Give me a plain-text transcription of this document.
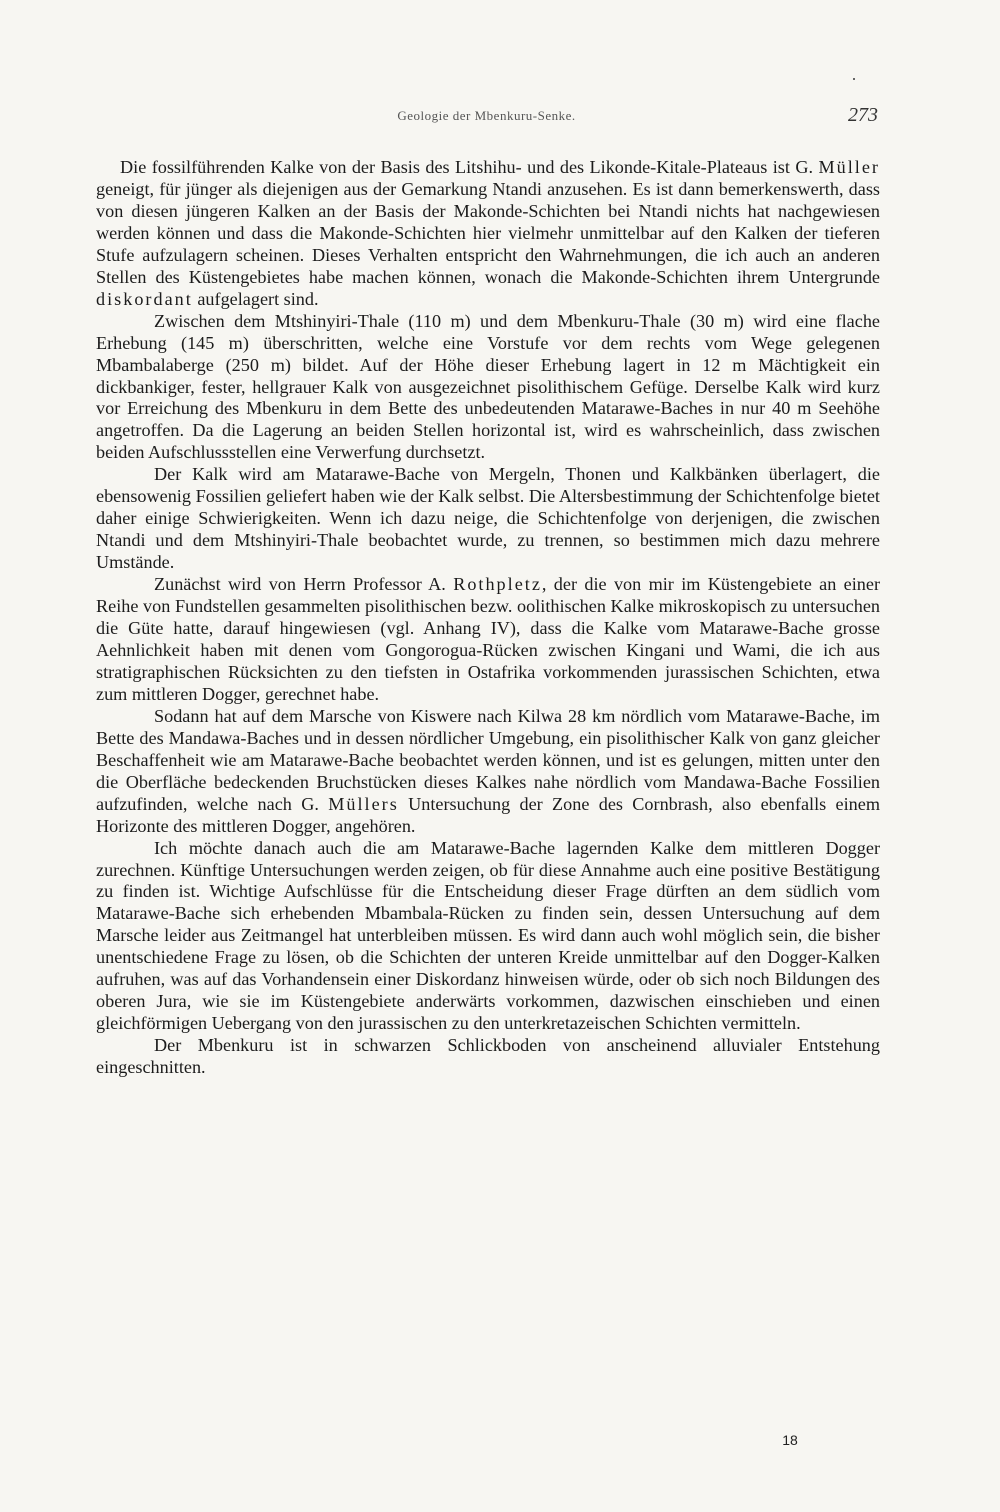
Geologie der Mbenkuru-Senke.	273

Die fossilführenden Kalke von der Basis des Litshihu- und des Likonde-Kitale-Plateaus ist G. Müller geneigt, für jünger als diejenigen aus der Gemarkung Ntandi anzusehen. Es ist dann bemerkenswerth, dass von diesen jüngeren Kalken an der Basis der Makonde-Schichten bei Ntandi nichts hat nachgewiesen werden können und dass die Makonde-Schichten hier vielmehr unmittelbar auf den Kalken der tieferen Stufe aufzulagern scheinen. Dieses Verhalten entspricht den Wahrnehmungen, die ich auch an anderen Stellen des Küstengebietes habe machen können, wonach die Makonde-Schichten ihrem Untergrunde diskordant aufgelagert sind.

Zwischen dem Mtshinyiri-Thale (110 m) und dem Mbenkuru-Thale (30 m) wird eine flache Erhebung (145 m) überschritten, welche eine Vorstufe vor dem rechts vom Wege gelegenen Mbambalaberge (250 m) bildet. Auf der Höhe dieser Erhebung lagert in 12 m Mächtigkeit ein dickbankiger, fester, hellgrauer Kalk von ausgezeichnet pisolithischem Gefüge. Derselbe Kalk wird kurz vor Erreichung des Mbenkuru in dem Bette des unbedeutenden Matarawe-Baches in nur 40 m Seehöhe angetroffen. Da die Lagerung an beiden Stellen horizontal ist, wird es wahrscheinlich, dass zwischen beiden Aufschlussstellen eine Verwerfung durchsetzt.

Der Kalk wird am Matarawe-Bache von Mergeln, Thonen und Kalkbänken überlagert, die ebensowenig Fossilien geliefert haben wie der Kalk selbst. Die Altersbestimmung der Schichtenfolge bietet daher einige Schwierigkeiten. Wenn ich dazu neige, die Schichtenfolge von derjenigen, die zwischen Ntandi und dem Mtshinyiri-Thale beobachtet wurde, zu trennen, so bestimmen mich dazu mehrere Umstände.

Zunächst wird von Herrn Professor A. Rothpletz, der die von mir im Küstengebiete an einer Reihe von Fundstellen gesammelten pisolithischen bezw. oolithischen Kalke mikroskopisch zu untersuchen die Güte hatte, darauf hingewiesen (vgl. Anhang IV), dass die Kalke vom Matarawe-Bache grosse Aehnlichkeit haben mit denen vom Gongorogua-Rücken zwischen Kingani und Wami, die ich aus stratigraphischen Rücksichten zu den tiefsten in Ostafrika vorkommenden jurassischen Schichten, etwa zum mittleren Dogger, gerechnet habe.

Sodann hat auf dem Marsche von Kiswere nach Kilwa 28 km nördlich vom Matarawe-Bache, im Bette des Mandawa-Baches und in dessen nördlicher Umgebung, ein pisolithischer Kalk von ganz gleicher Beschaffenheit wie am Matarawe-Bache beobachtet werden können, und ist es gelungen, mitten unter den die Oberfläche bedeckenden Bruchstücken dieses Kalkes nahe nördlich vom Mandawa-Bache Fossilien aufzufinden, welche nach G. Müllers Untersuchung der Zone des Cornbrash, also ebenfalls einem Horizonte des mittleren Dogger, angehören.

Ich möchte danach auch die am Matarawe-Bache lagernden Kalke dem mittleren Dogger zurechnen. Künftige Untersuchungen werden zeigen, ob für diese Annahme auch eine positive Bestätigung zu finden ist. Wichtige Aufschlüsse für die Entscheidung dieser Frage dürften an dem südlich vom Matarawe-Bache sich erhebenden Mbambala-Rücken zu finden sein, dessen Untersuchung auf dem Marsche leider aus Zeitmangel hat unterbleiben müssen. Es wird dann auch wohl möglich sein, die bisher unentschiedene Frage zu lösen, ob die Schichten der unteren Kreide unmittelbar auf den Dogger-Kalken aufruhen, was auf das Vorhandensein einer Diskordanz hinweisen würde, oder ob sich noch Bildungen des oberen Jura, wie sie im Küstengebiete anderwärts vorkommen, dazwischen einschieben und einen gleichförmigen Uebergang von den jurassischen zu den unterkretazeischen Schichten vermitteln.

Der Mbenkuru ist in schwarzen Schlickboden von anscheinend alluvialer Entstehung eingeschnitten.

18
